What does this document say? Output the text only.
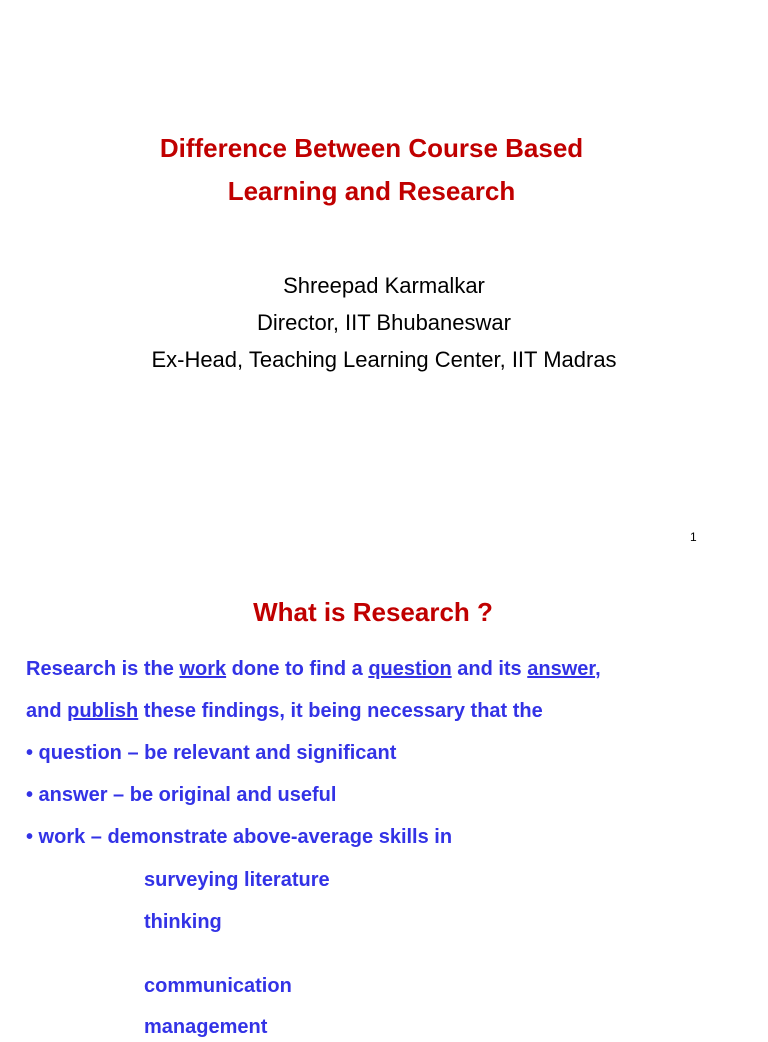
Difference Between Course Based
Learning and Research
Shreepad Karmalkar
Director, IIT Bhubaneswar
Ex-Head, Teaching Learning Center, IIT Madras
1
What is Research ?
Research is the work done to find a question and its answer,
and publish these findings, it being necessary that the
• question – be relevant and significant
• answer – be original and useful
• work – demonstrate above-average skills in
surveying literature
thinking
communication
management
